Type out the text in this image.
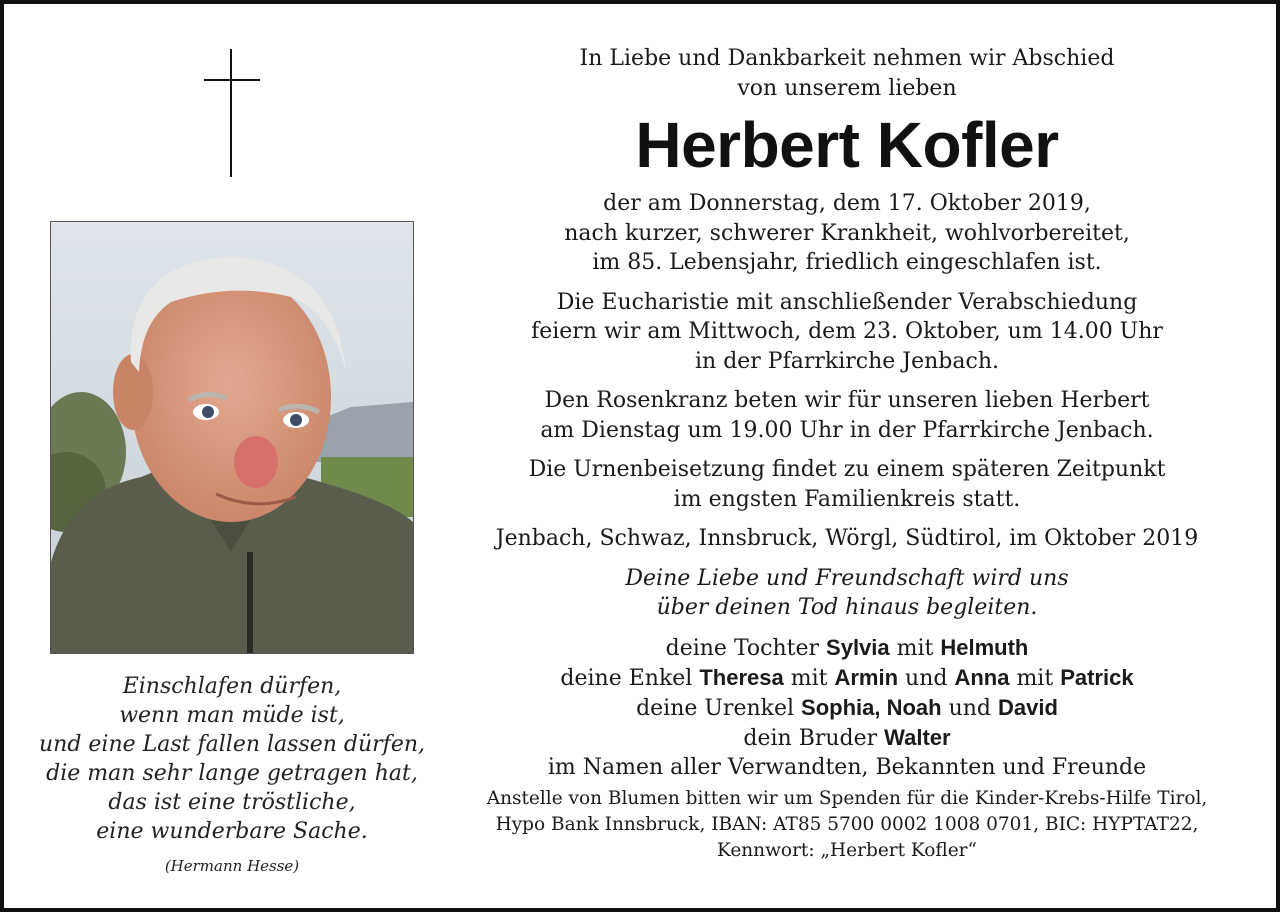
Einschlafen dürfen,
wenn man müde ist,
und eine Last fallen lassen dürfen,
die man sehr lange getragen hat,
das ist eine tröstliche,
eine wunderbare Sache.
(Hermann Hesse)
In Liebe und Dankbarkeit nehmen wir Abschied
von unserem lieben
Herbert Kofler
der am Donnerstag, dem 17. Oktober 2019,
nach kurzer, schwerer Krankheit, wohlvorbereitet,
im 85. Lebensjahr, friedlich eingeschlafen ist.
Die Eucharistie mit anschließender Verabschiedung
feiern wir am Mittwoch, dem 23. Oktober, um 14.00 Uhr
in der Pfarrkirche Jenbach.
Den Rosenkranz beten wir für unseren lieben Herbert
am Dienstag um 19.00 Uhr in der Pfarrkirche Jenbach.
Die Urnenbeisetzung findet zu einem späteren Zeitpunkt
im engsten Familienkreis statt.
Jenbach, Schwaz, Innsbruck, Wörgl, Südtirol, im Oktober 2019
Deine Liebe und Freundschaft wird uns
über deinen Tod hinaus begleiten.
deine Tochter Sylvia mit Helmuth
deine Enkel Theresa mit Armin und Anna mit Patrick
deine Urenkel Sophia, Noah und David
dein Bruder Walter
im Namen aller Verwandten, Bekannten und Freunde
Anstelle von Blumen bitten wir um Spenden für die Kinder-Krebs-Hilfe Tirol,
Hypo Bank Innsbruck, IBAN: AT85 5700 0002 1008 0701, BIC: HYPTAT22,
Kennwort: „Herbert Kofler“
